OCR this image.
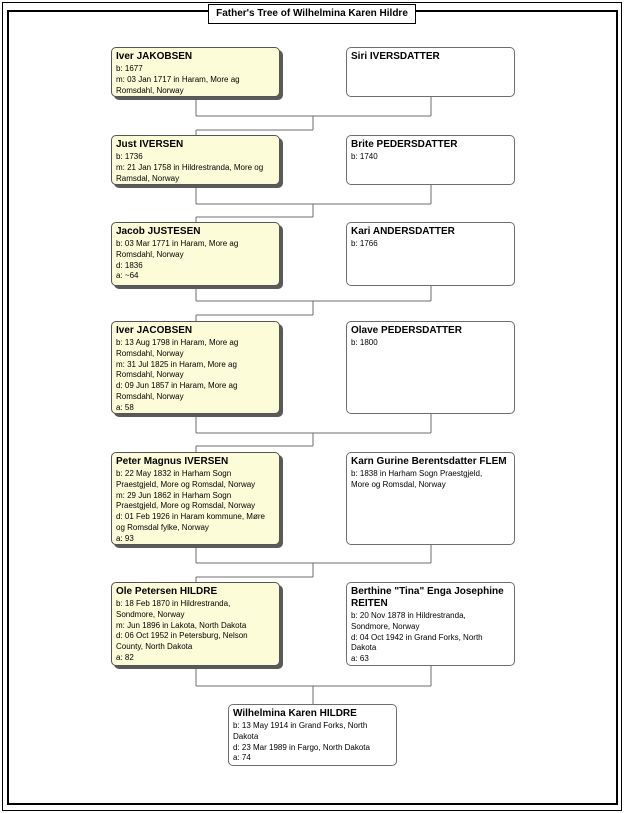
Father's Tree of Wilhelmina Karen Hildre
Iver JAKOBSEN
b: 1677
m: 03 Jan 1717 in Haram, More ag
Romsdahl, Norway
Siri IVERSDATTER
Just IVERSEN
b: 1736
m: 21 Jan 1758 in Hildrestranda, More og
Ramsdal, Norway
Brite PEDERSDATTER
b: 1740
Jacob JUSTESEN
b: 03 Mar 1771 in Haram, More ag
Romsdahl, Norway
d: 1836
a: ~64
Kari ANDERSDATTER
b: 1766
Iver JACOBSEN
b: 13 Aug 1798 in Haram, More ag
Romsdahl, Norway
m: 31 Jul 1825 in Haram, More ag
Romsdahl, Norway
d: 09 Jun 1857 in Haram, More ag
Romsdahl, Norway
a: 58
Olave PEDERSDATTER
b: 1800
Peter Magnus IVERSEN
b: 22 May 1832 in Harham Sogn
Praestgjeld, More og Romsdal, Norway
m: 29 Jun 1862 in Harham Sogn
Praestgjeld, More og Romsdal, Norway
d: 01 Feb 1926 in Haram kommune, Møre
og Romsdal fylke, Norway
a: 93
Karn Gurine Berentsdatter FLEM
b: 1838 in Harham Sogn Praestgjeld,
More og Romsdal, Norway
Ole Petersen HILDRE
b: 18 Feb 1870 in Hildrestranda,
Sondmore, Norway
m: Jun 1896 in Lakota, North Dakota
d: 06 Oct 1952 in Petersburg, Nelson
County, North Dakota
a: 82
Berthine "Tina" Enga Josephine REITEN
b: 20 Nov 1878 in Hildrestranda,
Sondmore, Norway
d: 04 Oct 1942 in Grand Forks, North
Dakota
a: 63
Wilhelmina Karen HILDRE
b: 13 May 1914 in Grand Forks, North
Dakota
d: 23 Mar 1989 in Fargo, North Dakota
a: 74
